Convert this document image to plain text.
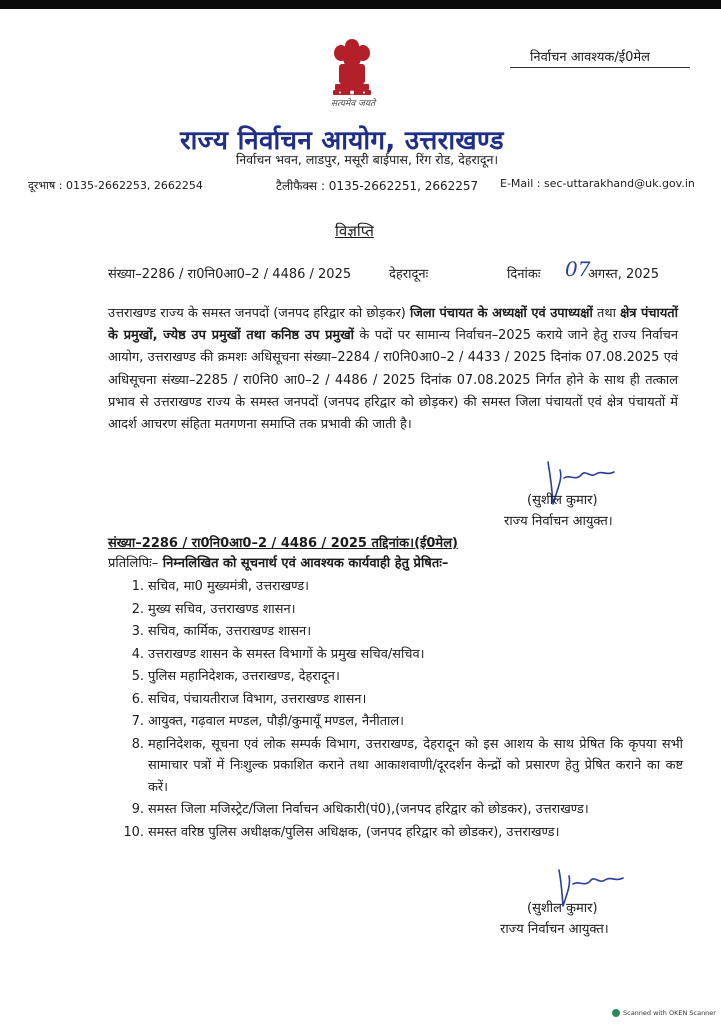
सत्यमेव जयते
निर्वाचन आवश्यक/ई0मेल
राज्य निर्वाचन आयोग, उत्तराखण्ड
निर्वाचन भवन, लाडपुर, मसूरी बाईपास, रिंग रोड, देहरादून।
दूरभाष : 0135-2662253, 2662254	टैलीफैक्स : 0135-2662251, 2662257 E-Mail : sec-uttarakhand@uk.gov.in
विज्ञप्ति
संख्या–2286 / रा0नि0आ0–2 / 4486 / 2025	देहरादूनः	दिनांकः 07
अगस्त, 2025
उत्तराखण्ड राज्य के समस्त जनपदों (जनपद हरिद्वार को छोड़कर) जिला पंचायत के अध्यक्षों एवं उपाध्यक्षों तथा क्षेत्र पंचायतों के प्रमुखों, ज्येष्ठ उप प्रमुखों तथा कनिष्ठ उप प्रमुखों के पदों पर सामान्य निर्वाचन–2025 कराये जाने हेतु राज्य निर्वाचन आयोग, उत्तराखण्ड की क्रमशः अधिसूचना संख्या–2284 / रा0नि0आ0–2 / 4433 / 2025 दिनांक 07.08.2025 एवं अधिसूचना संख्या–2285 / रा0नि0 आ0–2 / 4486 / 2025 दिनांक 07.08.2025 निर्गत होने के साथ ही तत्काल प्रभाव से उत्तराखण्ड राज्य के समस्त जनपदों (जनपद हरिद्वार को छोड़कर) की समस्त जिला पंचायतों एवं क्षेत्र पंचायतों में आदर्श आचरण संहिता मतगणना समाप्ति तक प्रभावी की जाती है।
(सुशील कुमार)
राज्य निर्वाचन आयुक्त।
संख्या–2286 / रा0नि0आ0–2 / 4486 / 2025 तद्दिनांक।(ई0मेल)
प्रतिलिपिः– निम्नलिखित को सूचनार्थ एवं आवश्यक कार्यवाही हेतु प्रेषितः–
1. सचिव, मा0 मुख्यमंत्री, उत्तराखण्ड।
2. मुख्य सचिव, उत्तराखण्ड शासन।
3. सचिव, कार्मिक, उत्तराखण्ड शासन।
4. उत्तराखण्ड शासन के समस्त विभागों के प्रमुख सचिव/सचिव।
5. पुलिस महानिदेशक, उत्तराखण्ड, देहरादून।
6. सचिव, पंचायतीराज विभाग, उत्तराखण्ड शासन।
7. आयुक्त, गढ़वाल मण्डल, पौड़ी/कुमायूँ मण्डल, नैनीताल।
8. महानिदेशक, सूचना एवं लोक सम्पर्क विभाग, उत्तराखण्ड, देहरादून को इस आशय के साथ प्रेषित कि कृपया सभी सामाचार पत्रों में निःशुल्क प्रकाशित कराने तथा आकाशवाणी/दूरदर्शन केन्द्रों को प्रसारण हेतु प्रेषित कराने का कष्ट करें।
9. समस्त जिला मजिस्ट्रेट/जिला निर्वाचन अधिकारी(पं0),(जनपद हरिद्वार को छोडकर), उत्तराखण्ड।
10. समस्त वरिष्ठ पुलिस अधीक्षक/पुलिस अधिक्षक, (जनपद हरिद्वार को छोडकर), उत्तराखण्ड।
(सुशील कुमार)
राज्य निर्वाचन आयुक्त।
Scanned with OKEN Scanner
